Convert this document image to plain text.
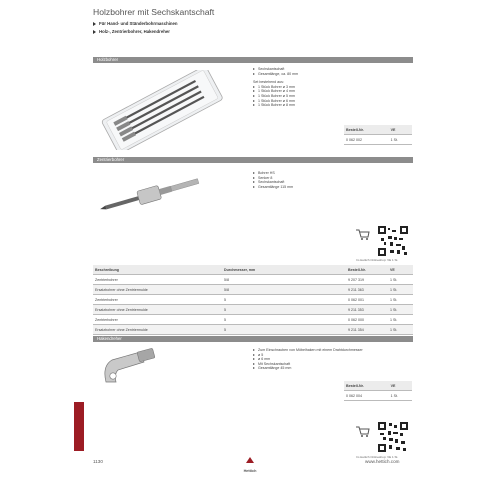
Holzbohrer mit Sechskantschaft
Für Hand- und Ständerbohrmaschinen
Holz-, Zentrierbohrer, Hakendreher
Holzbohrer
Sechskantschaft
Gesamtlänge, ca. 80 mm
Set bestehend aus:
1 Stück Bohrer ø 3 mm
1 Stück Bohrer ø 4 mm
1 Stück Bohrer ø 5 mm
1 Stück Bohrer ø 6 mm
1 Stück Bohrer ø 8 mm
Bestell-Nr.	VE
0 062 002	1 St.
Zentrierbohrer
Bohrer HS
Senker 8
Sechskantschaft
Gesamtlänge 115 mm
Im Hettich Onlineshop: VE 1 St.
Beschreibung	Durchmesser, mm	Bestell-Nr.	VE
Zentrierbohrer	5/8	9 207 319	1 St.
Ersatzbohrer ohne Zentriermulde	5/8	9 211 363	1 St.
Zentrierbohrer	5	0 062 001	1 St.
Ersatzbohrer ohne Zentriermulde	5	9 211 353	1 St.
Zentrierbohrer	5	0 062 000	1 St.
Ersatzbohrer ohne Zentriermulde	5	9 211 354	1 St.
Hakendreher
Zum Einschrauben von Möbelhaken mit einem Drahtdurchmesser
ø 5
ø 6 mm
Mit Sechskantschaft
Gesamtlänge 45 mm
Bestell-Nr.	VE
0 062 004	1 St.
Im Hettich Onlineshop: VE 1 St.
1130
Hettich
www.hettich.com
